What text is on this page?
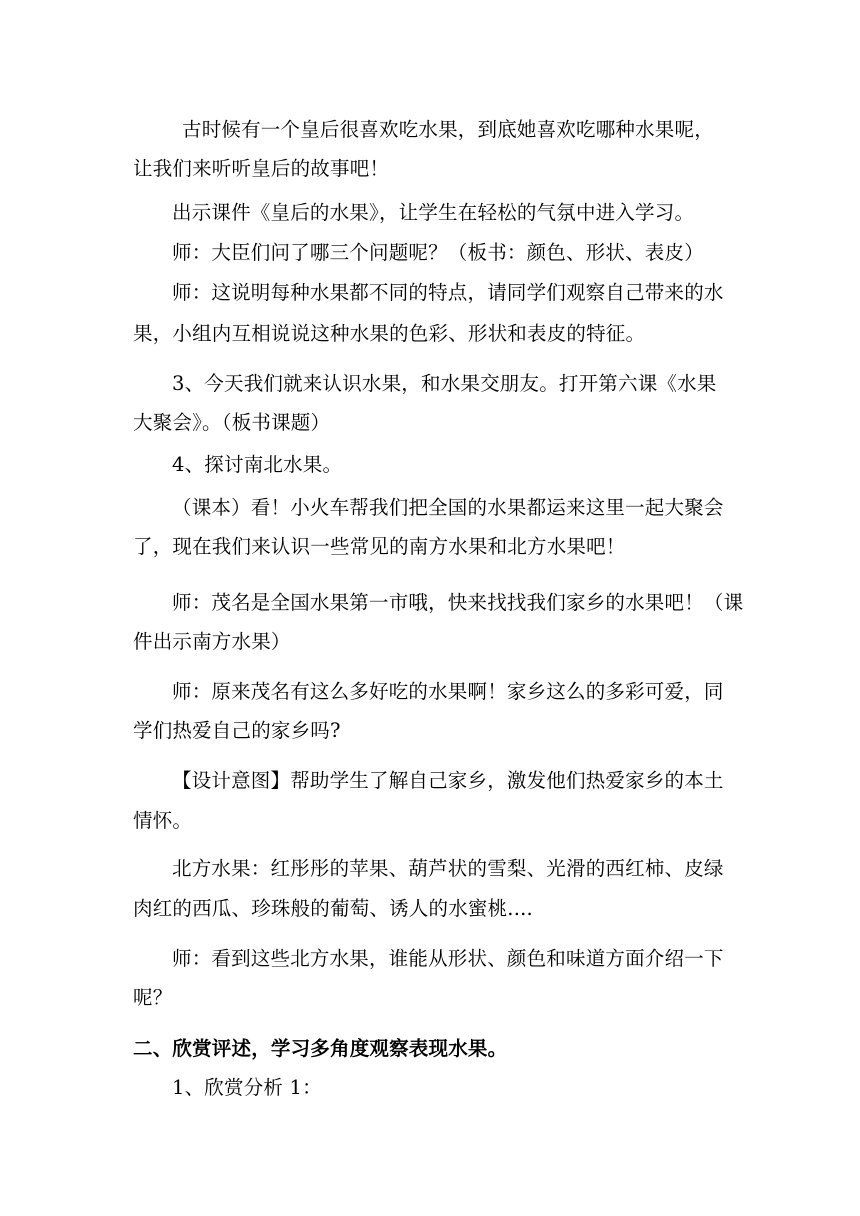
古时候有一个皇后很喜欢吃水果，到底她喜欢吃哪种水果呢，
让我们来听听皇后的故事吧！
出示课件《皇后的水果》，让学生在轻松的气氛中进入学习。
师：大臣们问了哪三个问题呢？（板书：颜色、形状、表皮）
师：这说明每种水果都不同的特点，请同学们观察自己带来的水
果，小组内互相说说这种水果的色彩、形状和表皮的特征。
3、今天我们就来认识水果，和水果交朋友。打开第六课《水果
大聚会》。（板书课题）
4、探讨南北水果。
（课本）看！小火车帮我们把全国的水果都运来这里一起大聚会
了，现在我们来认识一些常见的南方水果和北方水果吧！
师：茂名是全国水果第一市哦，快来找找我们家乡的水果吧！（课
件出示南方水果）
师：原来茂名有这么多好吃的水果啊！家乡这么的多彩可爱，同
学们热爱自己的家乡吗?
【设计意图】帮助学生了解自己家乡，激发他们热爱家乡的本土
情怀。
北方水果：红彤彤的苹果、葫芦状的雪梨、光滑的西红柿、皮绿
肉红的西瓜、珍珠般的葡萄、诱人的水蜜桃....
师：看到这些北方水果，谁能从形状、颜色和味道方面介绍一下
呢？
二、欣赏评述，学习多角度观察表现水果。
1、欣赏分析 1：
